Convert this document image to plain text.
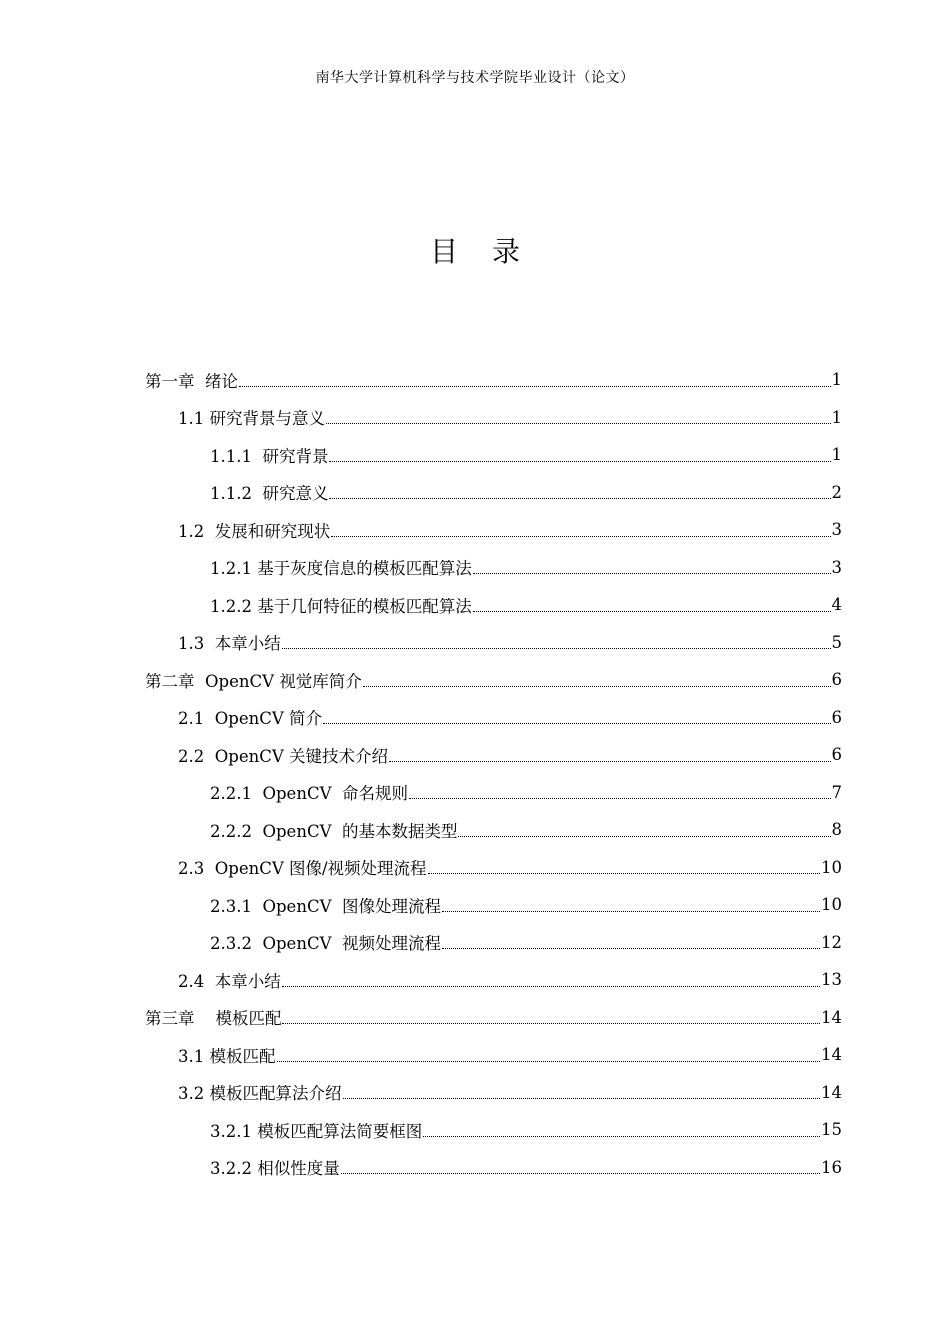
南华大学计算机科学与技术学院毕业设计（论文）
目 录
第一章  绪论	1
1.1 研究背景与意义	1
1.1.1  研究背景	1
1.1.2  研究意义	2
1.2  发展和研究现状	3
1.2.1 基于灰度信息的模板匹配算法	3
1.2.2 基于几何特征的模板匹配算法	4
1.3  本章小结	5
第二章  OpenCV 视觉库简介	6
2.1  OpenCV 简介	6
2.2  OpenCV 关键技术介绍	6
2.2.1  OpenCV  命名规则	7
2.2.2  OpenCV  的基本数据类型	8
2.3  OpenCV 图像/视频处理流程	10
2.3.1  OpenCV  图像处理流程	10
2.3.2  OpenCV  视频处理流程	12
2.4  本章小结	13
第三章    模板匹配	14
3.1 模板匹配	14
3.2 模板匹配算法介绍	14
3.2.1 模板匹配算法简要框图	15
3.2.2 相似性度量	16
